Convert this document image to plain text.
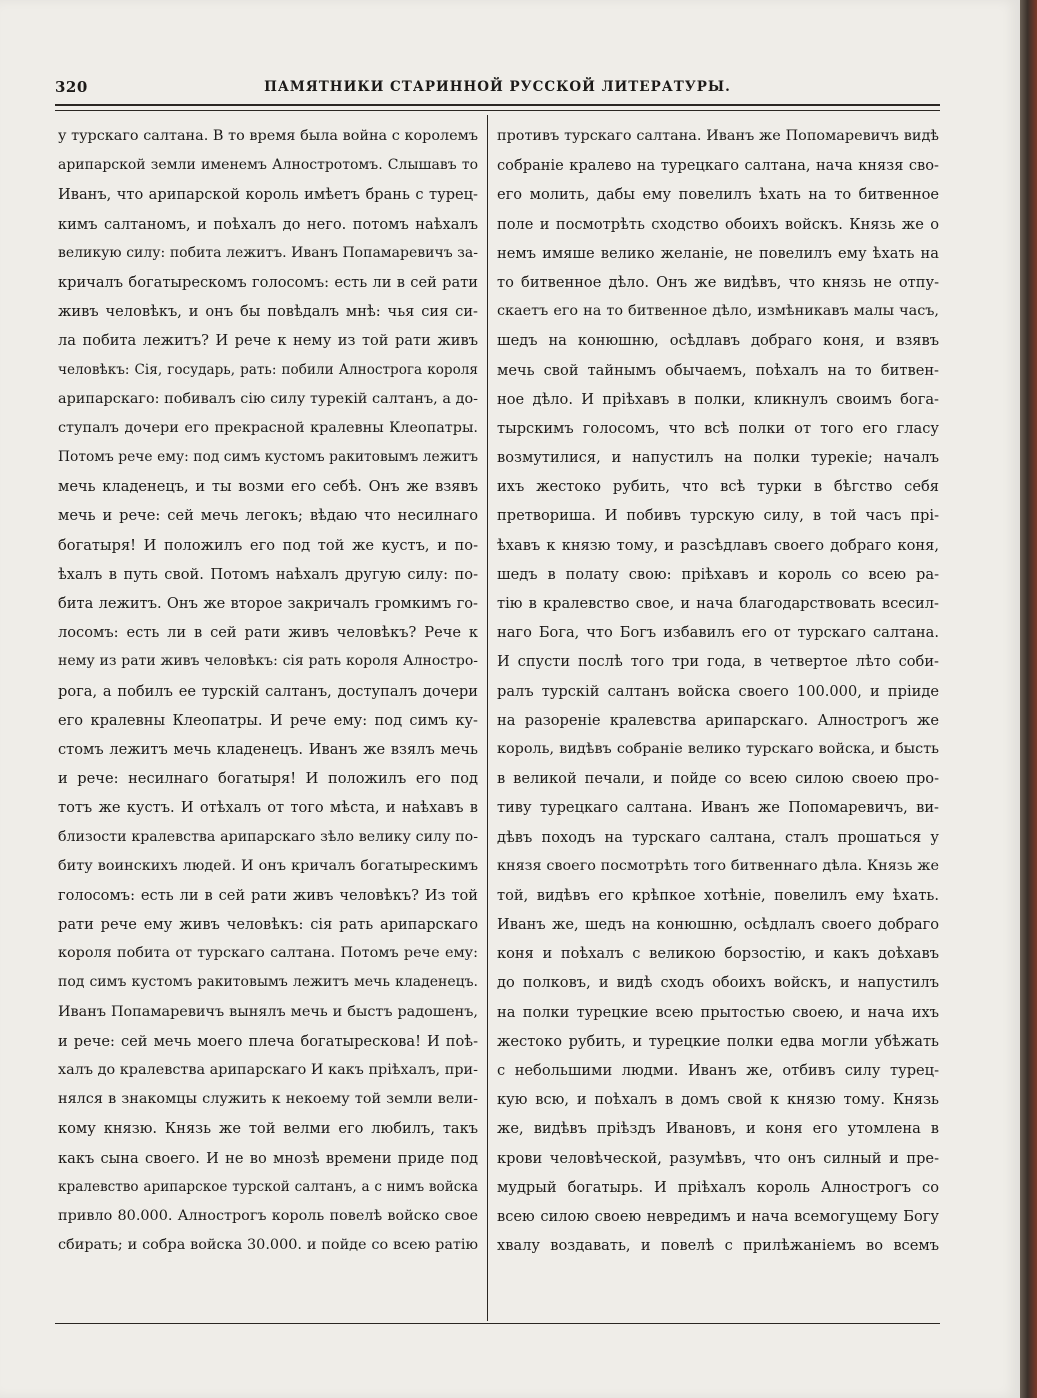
320	ПАМЯТНИКИ СТАРИННОЙ РУССКОЙ ЛИТЕРАТУРЫ.
у турскаго салтана. В то время была война с королемъ
арипарской земли именемъ Алностротомъ. Слышавъ то
Иванъ, что арипарской король имѣетъ брань с турец-
кимъ салтаномъ, и поѣхалъ до него. потомъ наѣхалъ
великую силу: побита лежитъ. Иванъ Попамаревичъ за-
кричалъ богатырескомъ голосомъ: есть ли в сей рати
живъ человѣкъ, и онъ бы повѣдалъ мнѣ: чья сия си-
ла побита лежитъ? И рече к нему из той рати живъ
человѣкъ: Сія, государь, рать: побили Алнострога короля
арипарскаго: побивалъ сію силу турекій салтанъ, а до-
ступалъ дочери его прекрасной кралевны Клеопатры.
Потомъ рече ему: под симъ кустомъ ракитовымъ лежитъ
мечь кладенецъ, и ты возми его себѣ. Онъ же взявъ
мечь и рече: сей мечь легокъ; вѣдаю что несилнаго
богатыря! И положилъ его под той же кустъ, и по-
ѣхалъ в путь свой. Потомъ наѣхалъ другую силу: по-
бита лежитъ. Онъ же второе закричалъ громкимъ го-
лосомъ: есть ли в сей рати живъ человѣкъ? Рече к
нему из рати живъ человѣкъ: сія рать короля Алностро-
рога, а побилъ ее турскій салтанъ, доступалъ дочери
его кралевны Клеопатры. И рече ему: под симъ ку-
стомъ лежитъ мечь кладенецъ. Иванъ же взялъ мечь
и рече: несилнаго богатыря! И положилъ его под
тотъ же кустъ. И отѣхалъ от того мѣста, и наѣхавъ в
близости кралевства арипарскаго зѣло велику силу по-
биту воинскихъ людей. И онъ кричалъ богатырескимъ
голосомъ: есть ли в сей рати живъ человѣкъ? Из той
рати рече ему живъ человѣкъ: сія рать арипарскаго
короля побита от турскаго салтана. Потомъ рече ему:
под симъ кустомъ ракитовымъ лежитъ мечь кладенецъ.
Иванъ Попамаревичъ вынялъ мечь и быстъ радошенъ,
и рече: сей мечь моего плеча богатырескова! И поѣ-
халъ до кралевства арипарскаго И какъ пріѣхалъ, при-
нялся в знакомцы служить к некоему той земли вели-
кому князю. Князь же той велми его любилъ, такъ
какъ сына своего. И не во мнозѣ времени приде под
кралевство арипарское турской салтанъ, а с нимъ войска
привло 80.000. Алнострогъ король повелѣ войско свое
сбирать; и собра войска 30.000. и пойде со всею ратію
противъ турскаго салтана. Иванъ же Попомаревичъ видѣ
собраніе кралево на турецкаго салтана, нача князя сво-
его молить, дабы ему повелилъ ѣхать на то битвенное
поле и посмотрѣть сходство обоихъ войскъ. Князь же о
немъ имяше велико желаніе, не повелилъ ему ѣхать на
то битвенное дѣло. Онъ же видѣвъ, что князь не отпу-
скаетъ его на то битвенное дѣло, измѣникавъ малы часъ,
шедъ на конюшню, осѣдлавъ добраго коня, и взявъ
мечь свой тайнымъ обычаемъ, поѣхалъ на то битвен-
ное дѣло. И пріѣхавъ в полки, кликнулъ своимъ бога-
тырскимъ голосомъ, что всѣ полки от того его гласу
возмутилися, и напустилъ на полки турекіе; началъ
ихъ жестоко рубить, что всѣ турки в бѣгство себя
претвориша. И побивъ турскую силу, в той часъ прі-
ѣхавъ к князю тому, и разсѣдлавъ своего добраго коня,
шедъ в полату свою: пріѣхавъ и король со всею ра-
тію в кралевство свое, и нача благодарствовать всесил-
наго Бога, что Богъ избавилъ его от турскаго салтана.
И спусти послѣ того три года, в четвертое лѣто соби-
ралъ турскій салтанъ войска своего 100.000, и пріиде
на разореніе кралевства арипарскаго. Алнострогъ же
король, видѣвъ собраніе велико турскаго войска, и бысть
в великой печали, и пойде со всею силою своею про-
тиву турецкаго салтана. Иванъ же Попомаревичъ, ви-
дѣвъ походъ на турскаго салтана, сталъ прошаться у
князя своего посмотрѣть того битвеннаго дѣла. Князь же
той, видѣвъ его крѣпкое хотѣніе, повелилъ ему ѣхать.
Иванъ же, шедъ на конюшню, осѣдлалъ своего добраго
коня и поѣхалъ с великою борзостію, и какъ доѣхавъ
до полковъ, и видѣ сходъ обоихъ войскъ, и напустилъ
на полки турецкие всею прытостью своею, и нача ихъ
жестоко рубить, и турецкие полки едва могли убѣжать
с небольшими людми. Иванъ же, отбивъ силу турец-
кую всю, и поѣхалъ в домъ свой к князю тому. Князь
же, видѣвъ пріѣздъ Ивановъ, и коня его утомлена в
крови человѣческой, разумѣвъ, что онъ силный и пре-
мудрый богатырь. И пріѣхалъ король Алнострогъ со
всею силою своею невредимъ и нача всемогущему Богу
хвалу воздавать, и повелѣ с прилѣжаніемъ во всемъ
